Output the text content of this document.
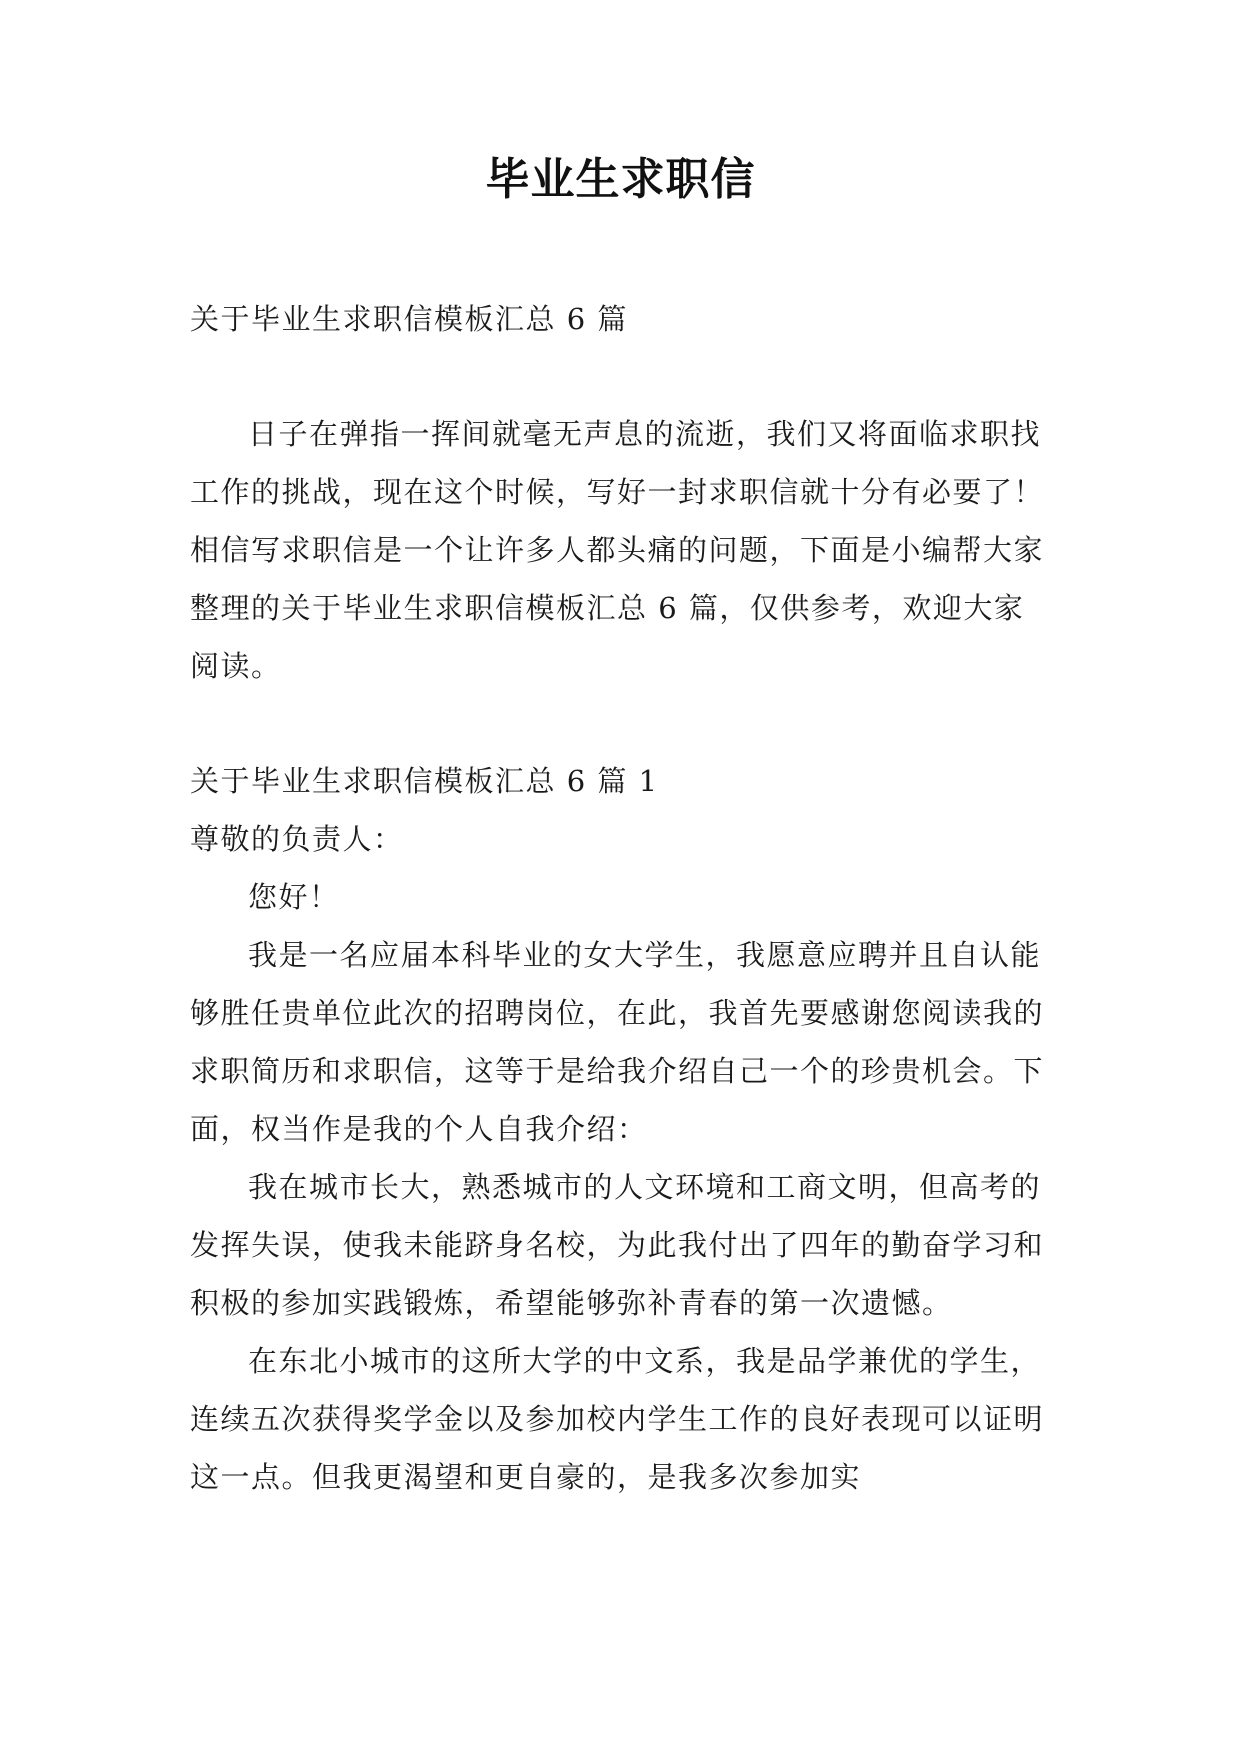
毕业生求职信

关于毕业生求职信模板汇总 6 篇

日子在弹指一挥间就毫无声息的流逝，我们又将面临求职找工作的挑战，现在这个时候，写好一封求职信就十分有必要了！相信写求职信是一个让许多人都头痛的问题，下面是小编帮大家整理的关于毕业生求职信模板汇总 6 篇，仅供参考，欢迎大家阅读。

关于毕业生求职信模板汇总 6 篇 1

尊敬的负责人：

您好！

我是一名应届本科毕业的女大学生，我愿意应聘并且自认能够胜任贵单位此次的招聘岗位，在此，我首先要感谢您阅读我的求职简历和求职信，这等于是给我介绍自己一个的珍贵机会。下面，权当作是我的个人自我介绍：

我在城市长大，熟悉城市的人文环境和工商文明，但高考的发挥失误，使我未能跻身名校，为此我付出了四年的勤奋学习和积极的参加实践锻炼，希望能够弥补青春的第一次遗憾。

在东北小城市的这所大学的中文系，我是品学兼优的学生，连续五次获得奖学金以及参加校内学生工作的良好表现可以证明这一点。但我更渴望和更自豪的，是我多次参加实
